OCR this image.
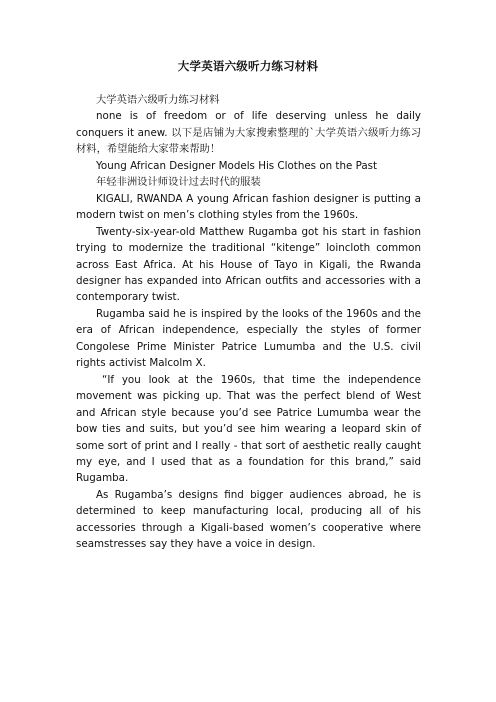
大学英语六级听力练习材料

大学英语六级听力练习材料

none is of freedom or of life deserving unless he daily conquers it anew. 以下是店铺为大家搜索整理的`大学英语六级听力练习材料，希望能给大家带来帮助！

Young African Designer Models His Clothes on the Past

年轻非洲设计师设计过去时代的服装

KIGALI, RWANDA A young African fashion designer is putting a modern twist on men’s clothing styles from the 1960s.

Twenty-six-year-old Matthew Rugamba got his start in fashion trying to modernize the traditional “kitenge” loincloth common across East Africa. At his House of Tayo in Kigali, the Rwanda designer has expanded into African outfits and accessories with a contemporary twist.

Rugamba said he is inspired by the looks of the 1960s and the era of African independence, especially the styles of former Congolese Prime Minister Patrice Lumumba and the U.S. civil rights activist Malcolm X.

“If you look at the 1960s, that time the independence movement was picking up. That was the perfect blend of West and African style because you’d see Patrice Lumumba wear the bow ties and suits, but you’d see him wearing a leopard skin of some sort of print and I really - that sort of aesthetic really caught my eye, and I used that as a foundation for this brand,” said Rugamba.

As Rugamba’s designs find bigger audiences abroad, he is determined to keep manufacturing local, producing all of his accessories through a Kigali-based women’s cooperative where seamstresses say they have a voice in design.
